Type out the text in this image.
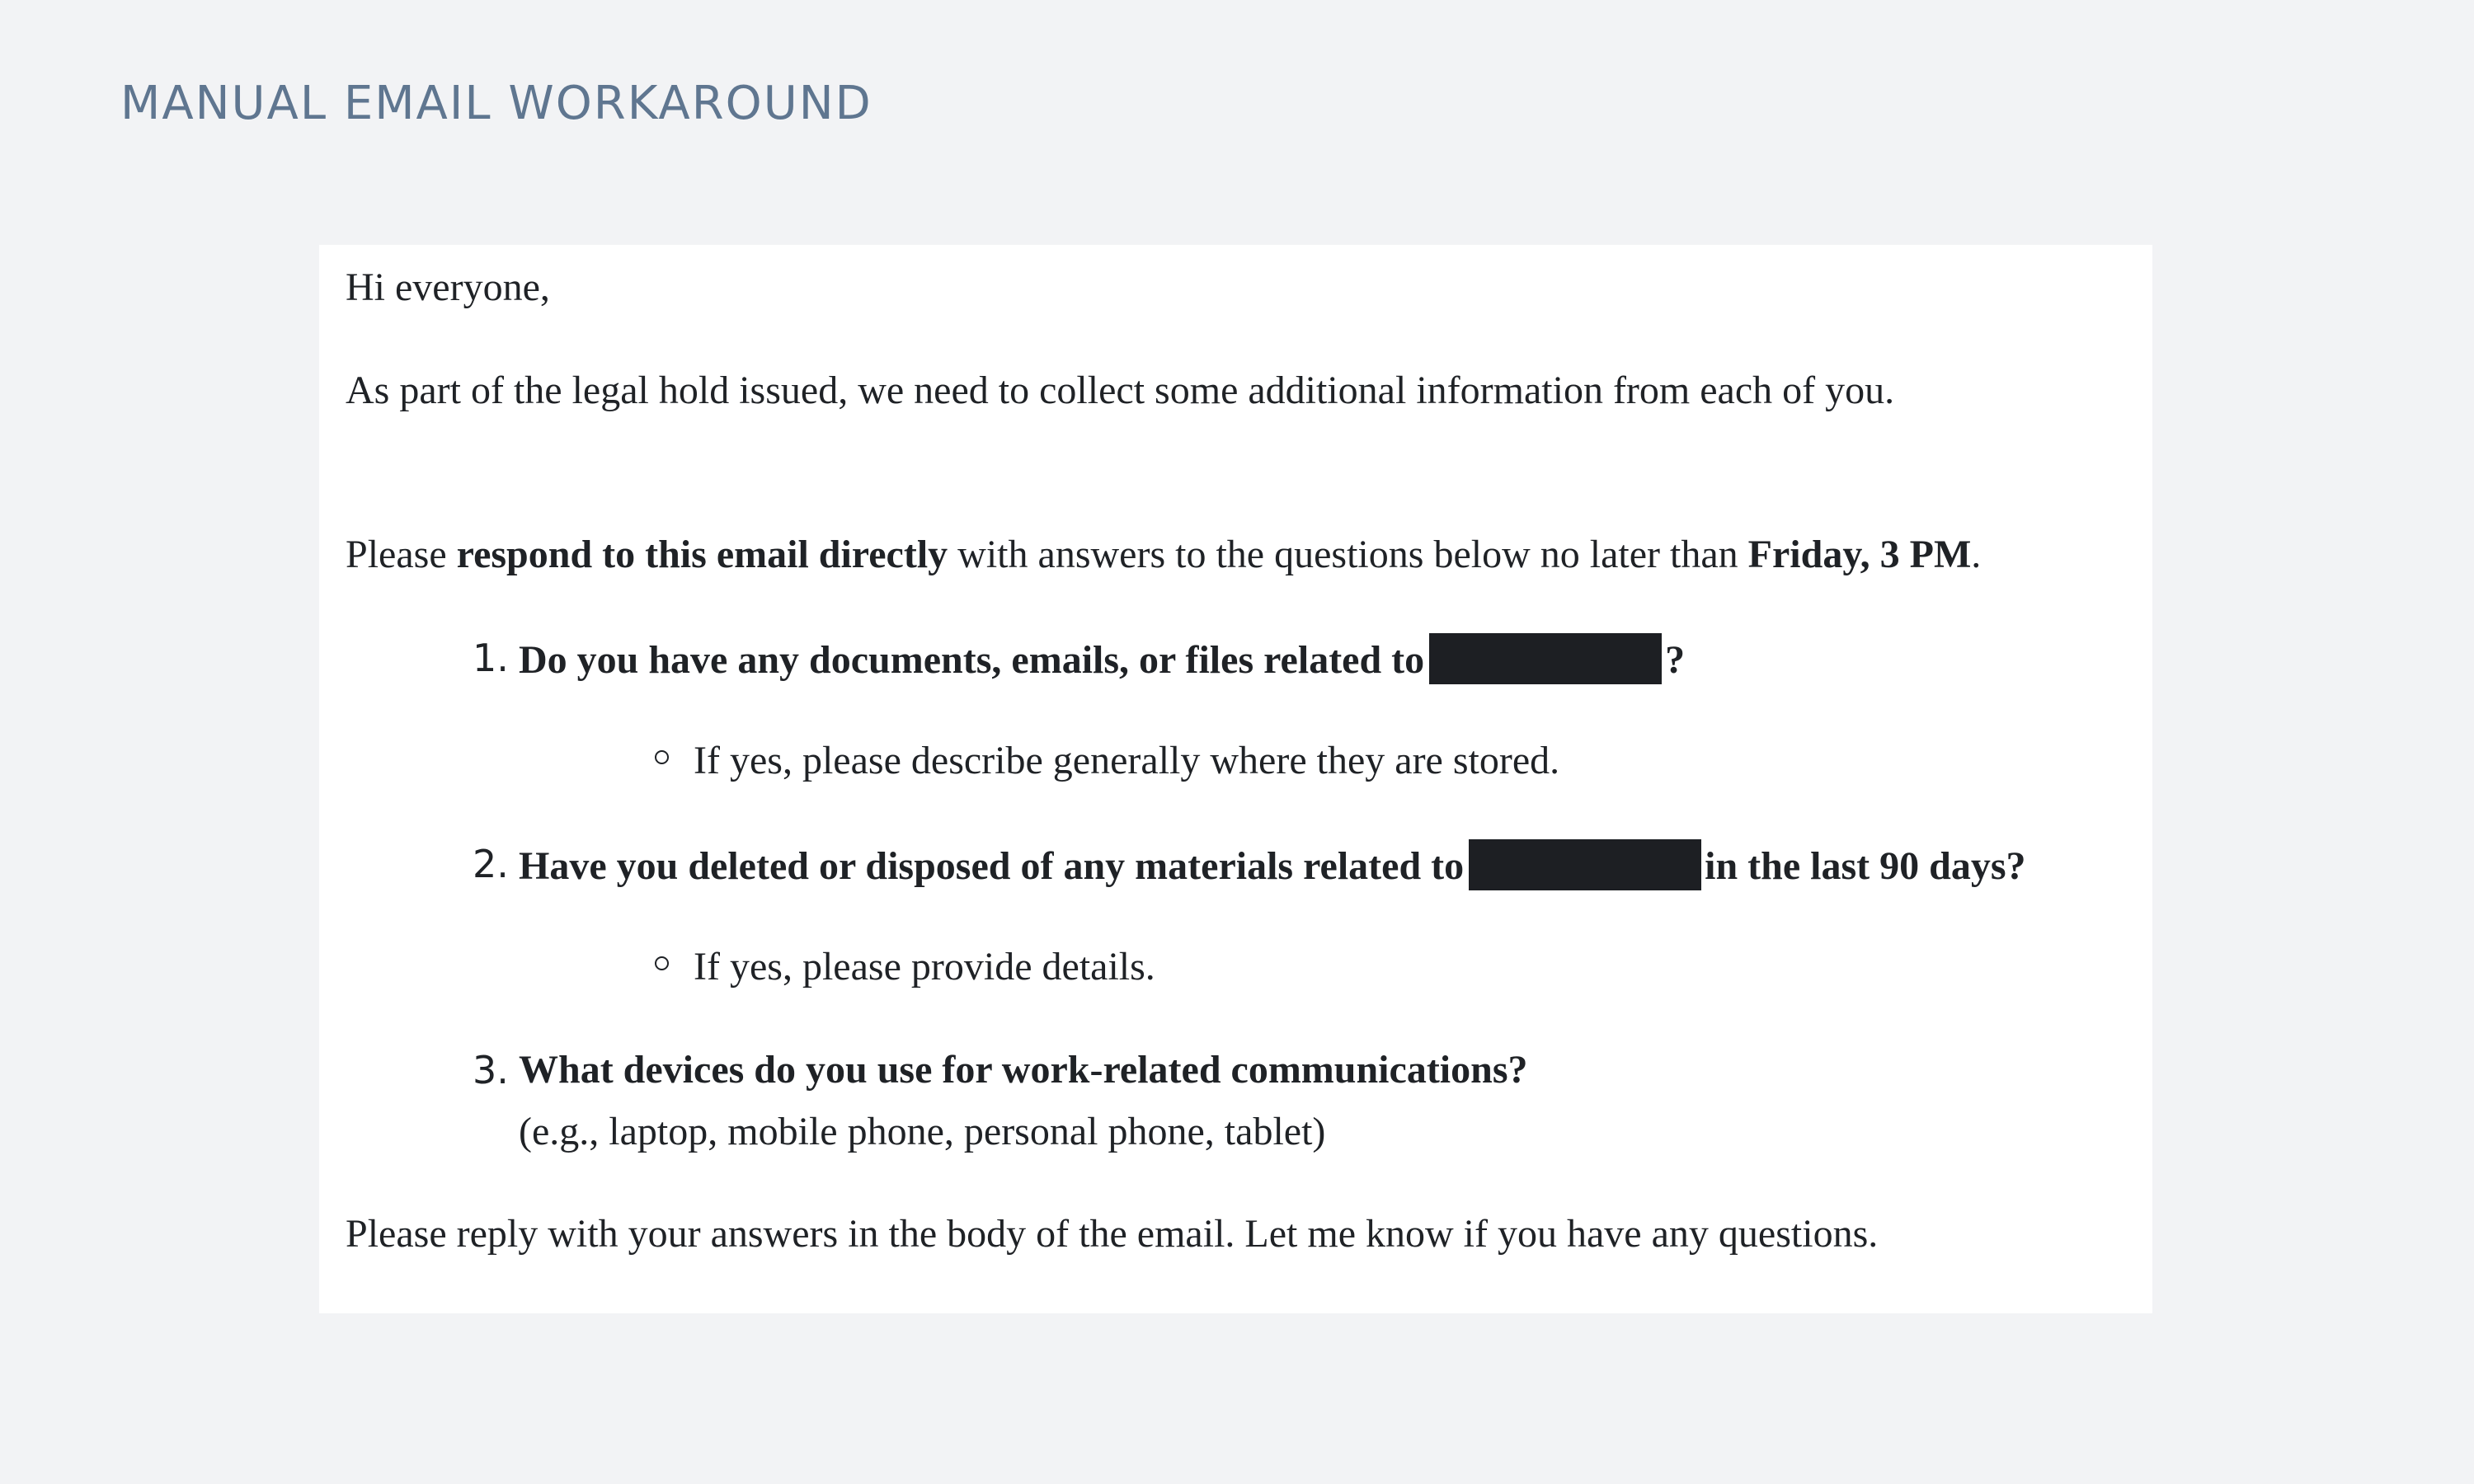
MANUAL EMAIL WORKAROUND

Hi everyone,

As part of the legal hold issued, we need to collect some additional information from each of you.

Please respond to this email directly with answers to the questions below no later than Friday, 3 PM.

1. Do you have any documents, emails, or files related to	?
If yes, please describe generally where they are stored.
2. Have you deleted or disposed of any materials related to	in the last 90 days?
If yes, please provide details.
3. What devices do you use for work-related communications?
(e.g., laptop, mobile phone, personal phone, tablet)

Please reply with your answers in the body of the email. Let me know if you have any questions.
